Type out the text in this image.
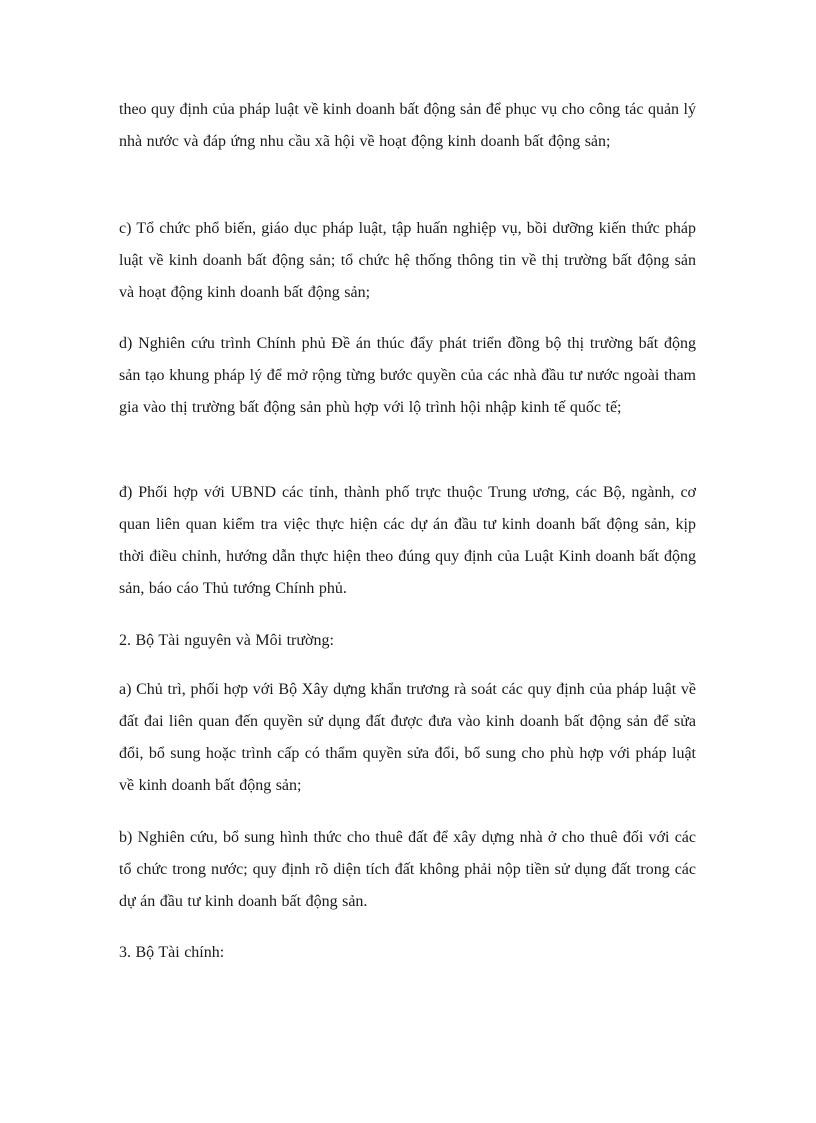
theo quy định của pháp luật về kinh doanh bất động sản để phục vụ cho công tác quản lý nhà nước và đáp ứng nhu cầu xã hội về hoạt động kinh doanh bất động sản;

c) Tổ chức phổ biến, giáo dục pháp luật, tập huấn nghiệp vụ, bồi dưỡng kiến thức pháp luật về kinh doanh bất động sản; tổ chức hệ thống thông tin về thị trường bất động sản và hoạt động kinh doanh bất động sản;

d) Nghiên cứu trình Chính phủ Đề án thúc đẩy phát triển đồng bộ thị trường bất động sản tạo khung pháp lý để mở rộng từng bước quyền của các nhà đầu tư nước ngoài tham gia vào thị trường bất động sản phù hợp với lộ trình hội nhập kinh tế quốc tế;

đ) Phối hợp với UBND các tỉnh, thành phố trực thuộc Trung ương, các Bộ, ngành, cơ quan liên quan kiểm tra việc thực hiện các dự án đầu tư kinh doanh bất động sản, kịp thời điều chỉnh, hướng dẫn thực hiện theo đúng quy định của Luật Kinh doanh bất động sản, báo cáo Thủ tướng Chính phủ.

2. Bộ Tài nguyên và Môi trường:

a) Chủ trì, phối hợp với Bộ Xây dựng khẩn trương rà soát các quy định của pháp luật về đất đai liên quan đến quyền sử dụng đất được đưa vào kinh doanh bất động sản để sửa đổi, bổ sung hoặc trình cấp có thẩm quyền sửa đổi, bổ sung cho phù hợp với pháp luật về kinh doanh bất động sản;

b) Nghiên cứu, bổ sung hình thức cho thuê đất để xây dựng nhà ở cho thuê đối với các tổ chức trong nước; quy định rõ diện tích đất không phải nộp tiền sử dụng đất trong các dự án đầu tư kinh doanh bất động sản.

3. Bộ Tài chính:
